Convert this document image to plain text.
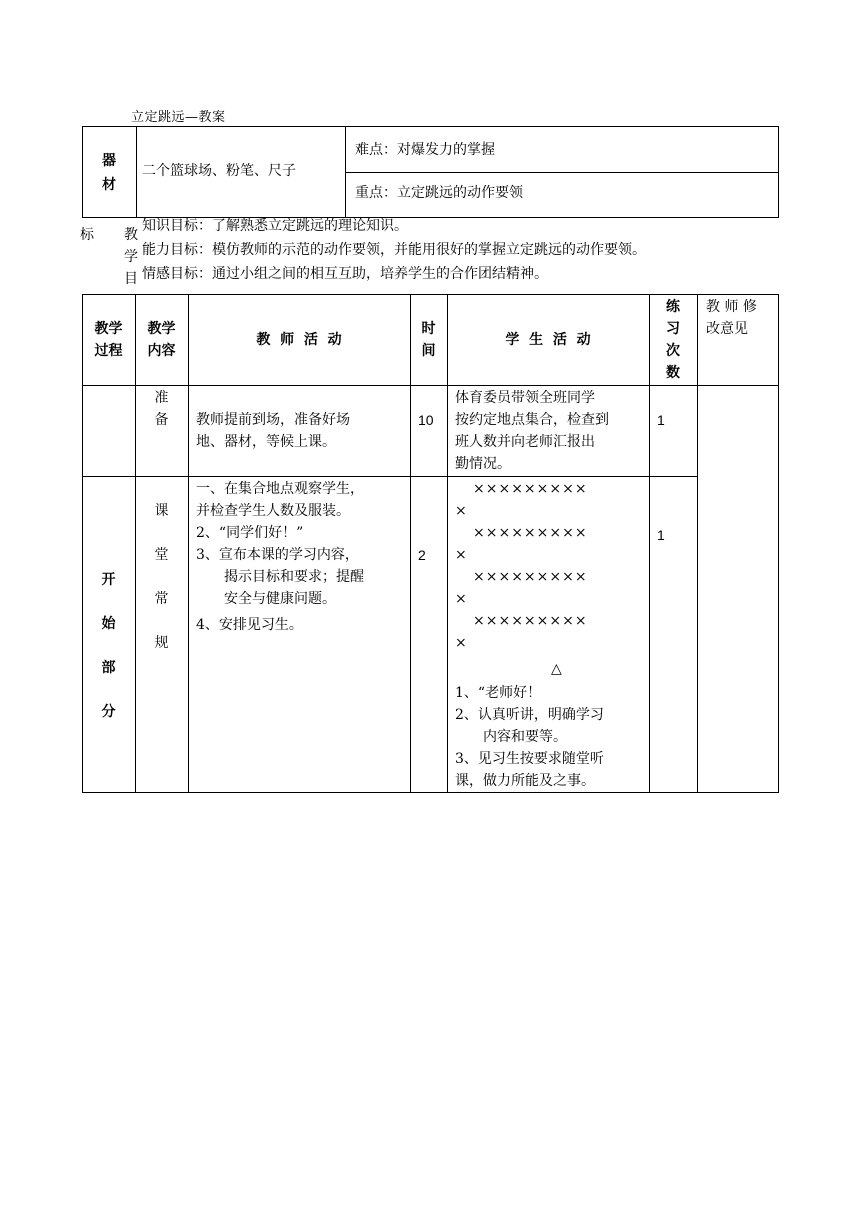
立定跳远—教案
器
材
二个篮球场、粉笔、尺子
难点：对爆发力的掌握
重点：立定跳远的动作要领
标 教
学
目
知识目标：了解熟悉立定跳远的理论知识。
能力目标：模仿教师的示范的动作要领，并能用很好的掌握立定跳远的动作要领。
情感目标：通过小组之间的相互互助，培养学生的合作团结精神。
教学
过程
教学
内容
教  师  活  动
时
间
学  生  活  动
练
习
次
数
教 师 修
改意见
准
备	教师提前到场，准备好场
地、器材，等候上课。
10
体育委员带领全班同学
按约定地点集合，检查到
班人数并向老师汇报出
勤情况。
1
开
始
部
分
课
堂
常
规
一、在集合地点观察学生，
并检查学生人数及服装。
2、“同学们好！”
3、宣布本课的学习内容，
揭示目标和要求；提醒
安全与健康问题。
4、安排见习生。
2
×××××××××
×
×××××××××
×
×××××××××
×
×××××××××
×
△
1、“老师好！
2、认真听讲，明确学习
内容和要等。
3、见习生按要求随堂听
课，做力所能及之事。
1
